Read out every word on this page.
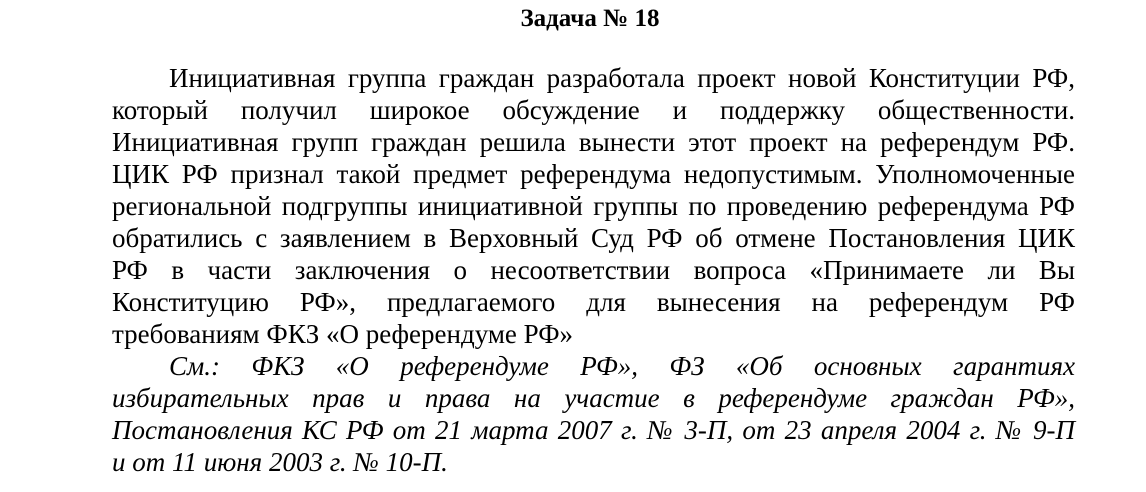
Задача № 18
Инициативная группа граждан разработала проект новой Конституции РФ,
который получил широкое обсуждение и поддержку общественности.
Инициативная групп граждан решила вынести этот проект на референдум РФ.
ЦИК РФ признал такой предмет референдума недопустимым. Уполномоченные
региональной подгруппы инициативной группы по проведению референдума РФ
обратились с заявлением в Верховный Суд РФ об отмене Постановления ЦИК
РФ в части заключения о несоответствии вопроса «Принимаете ли Вы
Конституцию РФ», предлагаемого для вынесения на референдум РФ
требованиям ФКЗ «О референдуме РФ»
См.: ФКЗ «О референдуме РФ», ФЗ «Об основных гарантиях
избирательных прав и права на участие в референдуме граждан РФ»,
Постановления КС РФ от 21 марта 2007 г. № 3-П, от 23 апреля 2004 г. № 9-П
и от 11 июня 2003 г. № 10-П.
